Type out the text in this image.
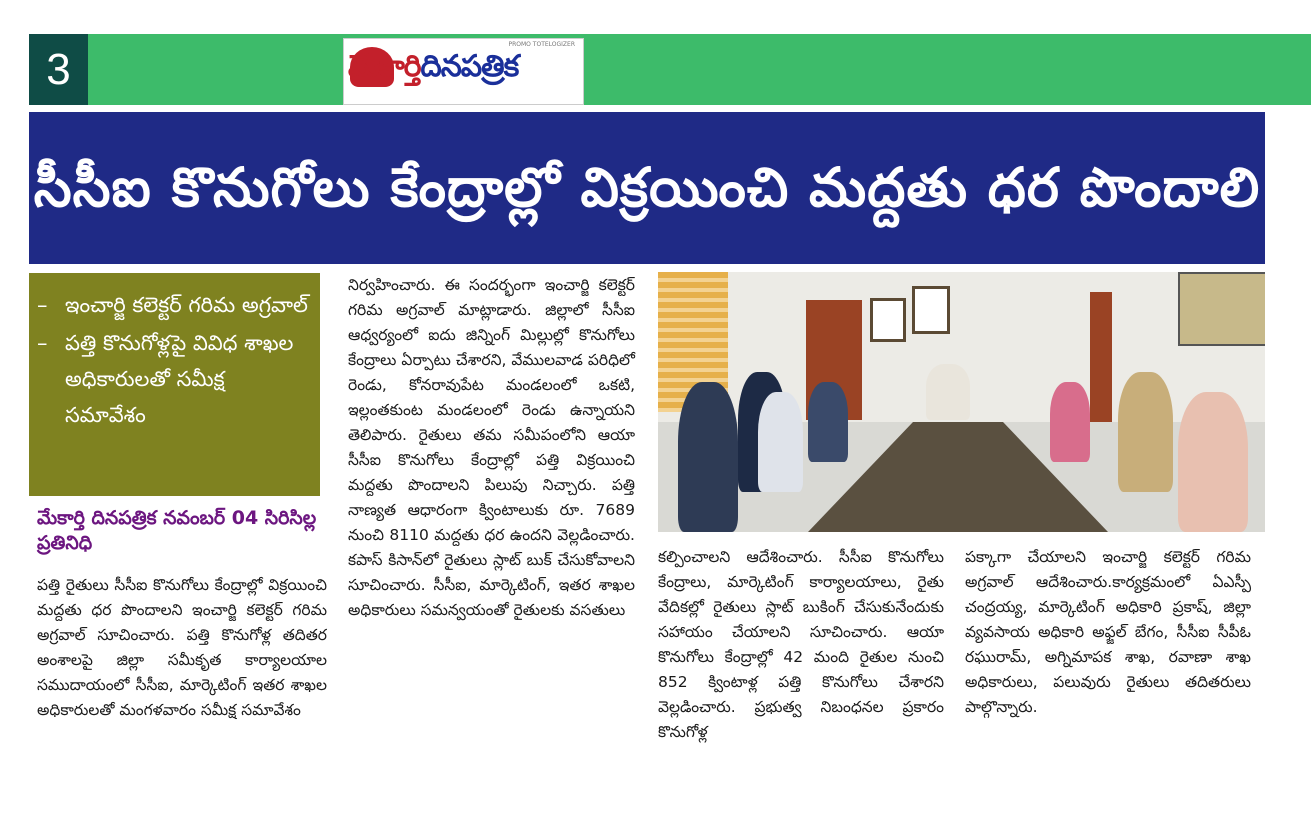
3	మేకార్తిదినపత్రిక
PROMO TOTELOGIZER
సీసీఐ కొనుగోలు కేంద్రాల్లో విక్రయించి మద్దతు ధర పొందాలి
– ఇంచార్జి కలెక్టర్ గరిమ అగ్రవాల్
– పత్తి కొనుగోళ్లపై వివిధ శాఖల అధికారులతో సమీక్ష సమావేశం
మేకార్తి దినపత్రిక నవంబర్ 04 సిరిసిల్ల ప్రతినిధి
పత్తి రైతులు సీసీఐ కొనుగోలు కేంద్రాల్లో విక్రయించి మద్దతు ధర పొందాలని ఇంచార్జి కలెక్టర్ గరిమ అగ్రవాల్ సూచించారు. పత్తి కొనుగోళ్ల తదితర అంశాలపై జిల్లా సమీకృత కార్యాలయాల సముదాయంలో సీసీఐ, మార్కెటింగ్ ఇతర శాఖల అధికారులతో మంగళవారం సమీక్ష సమావేశం
నిర్వహించారు. ఈ సందర్భంగా ఇంచార్జి కలెక్టర్ గరిమ అగ్రవాల్ మాట్లాడారు. జిల్లాలో సీసీఐ ఆధ్వర్యంలో ఐదు జిన్నింగ్ మిల్లుల్లో కొనుగోలు కేంద్రాలు ఏర్పాటు చేశారని, వేములవాడ పరిధిలో రెండు, కోనరావుపేట మండలంలో ఒకటి, ఇల్లంతకుంట మండలంలో రెండు ఉన్నాయని తెలిపారు. రైతులు తమ సమీపంలోని ఆయా సీసీఐ కొనుగోలు కేంద్రాల్లో పత్తి విక్రయించి మద్దతు పొందాలని పిలుపు నిచ్చారు. పత్తి నాణ్యత ఆధారంగా క్వింటాలుకు రూ. 7689 నుంచి 8110 మద్దతు ధర ఉందని వెల్లడించారు. కపాస్ కిసాన్‌లో రైతులు స్లాట్ బుక్ చేసుకోవాలని సూచించారు. సీసీఐ, మార్కెటింగ్, ఇతర శాఖల అధికారులు సమన్వయంతో రైతులకు వసతులు
కల్పించాలని ఆదేశించారు. సీసీఐ కొనుగోలు కేంద్రాలు, మార్కెటింగ్ కార్యాలయాలు, రైతు వేదికల్లో రైతులు స్లాట్ బుకింగ్ చేసుకునేందుకు సహాయం చేయాలని సూచించారు. ఆయా కొనుగోలు కేంద్రాల్లో 42 మంది రైతుల నుంచి 852 క్వింటాళ్ల పత్తి కొనుగోలు చేశారని వెల్లడించారు. ప్రభుత్వ నిబంధనల ప్రకారం కొనుగోళ్ల
పక్కాగా చేయాలని ఇంచార్జి కలెక్టర్ గరిమ అగ్రవాల్ ఆదేశించారు.కార్యక్రమంలో ఏఎస్పీ చంద్రయ్య, మార్కెటింగ్ అధికారి ప్రకాష్, జిల్లా వ్యవసాయ అధికారి అఫ్జల్ బేగం, సీసీఐ సీపీఓ రఘురామ్, అగ్నిమాపక శాఖ, రవాణా శాఖ అధికారులు, పలువురు రైతులు తదితరులు పాల్గొన్నారు.
